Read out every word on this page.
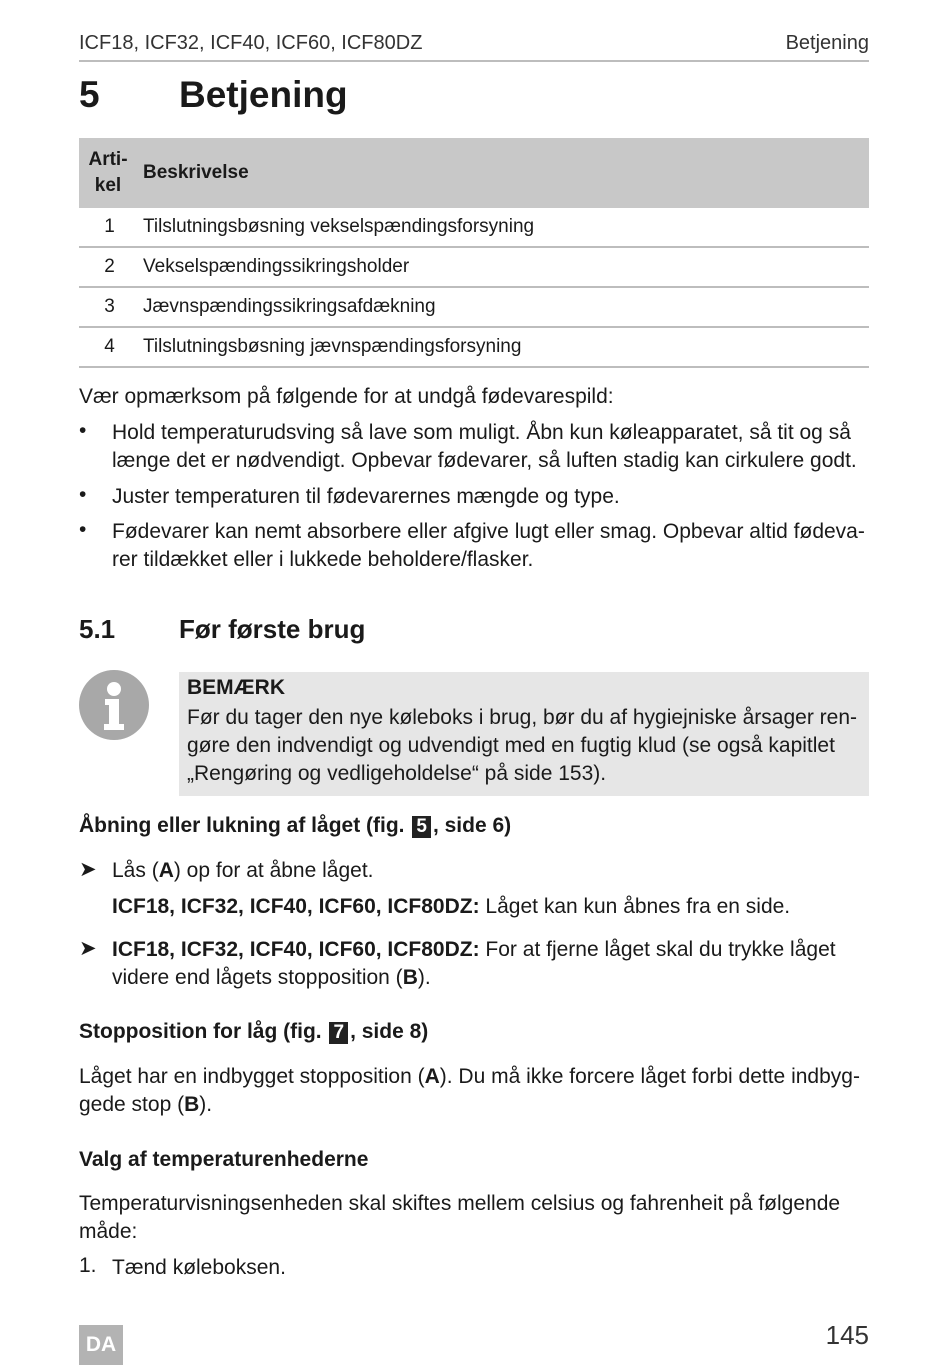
ICF18, ICF32, ICF40, ICF60, ICF80DZ	Betjening
5 Betjening
Arti-
kel	Beskrivelse
1	Tilslutningsbøsning vekselspændingsforsyning
2	Vekselspændingssikringsholder
3	Jævnspændingssikringsafdækning
4	Tilslutningsbøsning jævnspændingsforsyning
Vær opmærksom på følgende for at undgå fødevarespild:
• Hold temperaturudsving så lave som muligt. Åbn kun køleapparatet, så tit og så længe det er nødvendigt. Opbevar fødevarer, så luften stadig kan cirkulere godt.
• Juster temperaturen til fødevarernes mængde og type.
• Fødevarer kan nemt absorbere eller afgive lugt eller smag. Opbevar altid fødeva-rer tildækket eller i lukkede beholdere/flasker.
5.1 Før første brug
BEMÆRK
Før du tager den nye køleboks i brug, bør du af hygiejniske årsager ren-gøre den indvendigt og udvendigt med en fugtig klud (se også kapitlet „Rengøring og vedligeholdelse“ på side 153).
Åbning eller lukning af låget (fig. 5 , side 6)
➤ Lås (A) op for at åbne låget.
ICF18, ICF32, ICF40, ICF60, ICF80DZ: Låget kan kun åbnes fra en side.
➤ ICF18, ICF32, ICF40, ICF60, ICF80DZ: For at fjerne låget skal du trykke låget videre end lågets stopposition (B).
Stopposition for låg (fig. 7 , side 8)
Låget har en indbygget stopposition (A). Du må ikke forcere låget forbi dette indbyg-gede stop (B).
Valg af temperaturenhederne
Temperaturvisningsenheden skal skiftes mellem celsius og fahrenheit på følgende måde:
1. Tænd køleboksen.
DA	145
